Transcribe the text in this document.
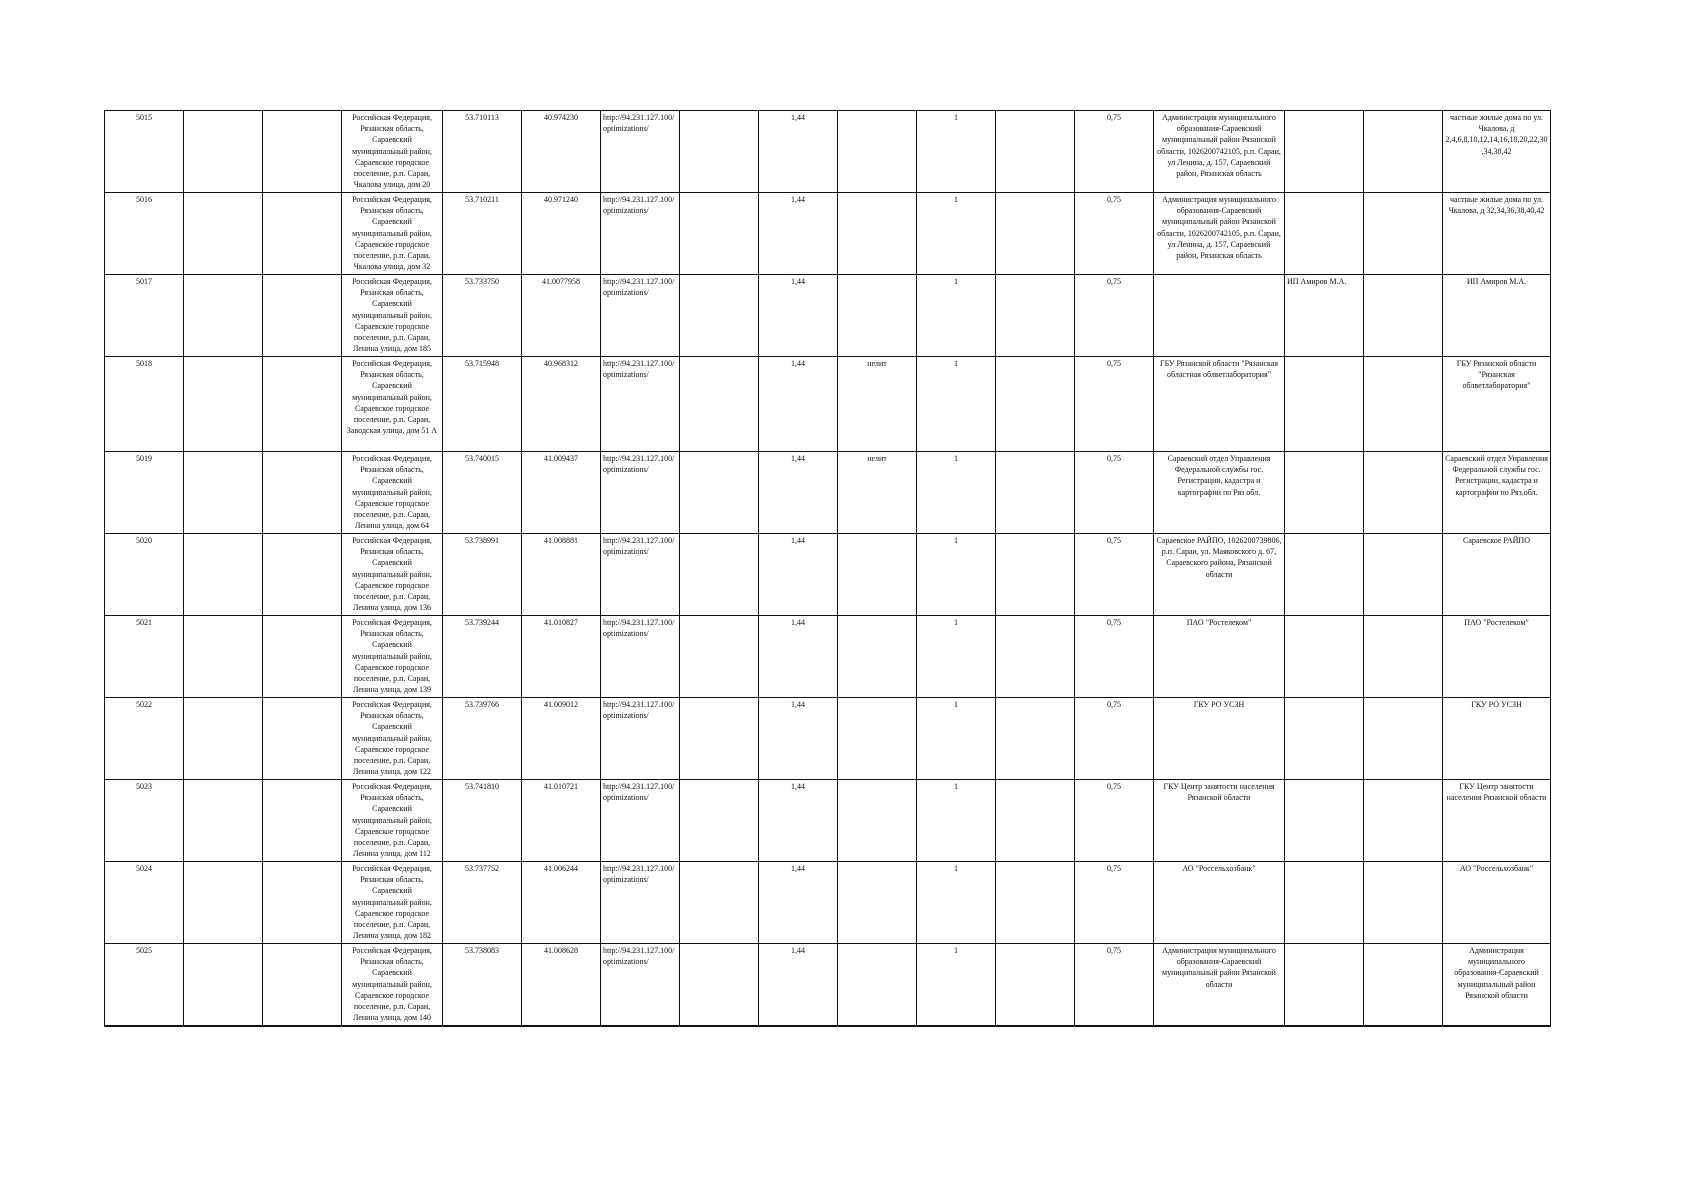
5015			Российская Федерация, Рязанская область, Сараевский муниципальный район, Сараевское городское поселение, р.п. Сараи, Чкалова улица, дом 20	53.710113	40.974230	http://94.231.127.100/optimizations/		1,44		1		0,75	Администрация муниципального образования-Сараевский муниципальный район Рязанской области, 1026200742105, р.п. Сараи, ул Ленина, д. 157, Сараевский район, Рязанская область			частные жилые дома по ул. Чкалова, д 2,4,6,8,10,12,14,16,18,20,22,30,34,38,42
5016			Российская Федерация, Рязанская область, Сараевский муниципальный район, Сараевское городское поселение, р.п. Сараи, Чкалова улица, дом 32	53.710211	40.971240	http://94.231.127.100/optimizations/		1,44		1		0,75	Администрация муниципального образования-Сараевский муниципальный район Рязанской области, 1026200742105, р.п. Сараи, ул Ленина, д. 157, Сараевский район, Рязанская область			частные жилые дома по ул. Чкалова, д 32,34,36,38,40,42
5017			Российская Федерация, Рязанская область, Сараевский муниципальный район, Сараевское городское поселение, р.п. Сараи, Ленина улица, дом 185	53.733750	41.0077958	http://94.231.127.100/optimizations/		1,44		1		0,75		ИП Амиров М.А.		ИП Амиров М.А.
5018			Российская Федерация, Рязанская область, Сараевский муниципальный район, Сараевское городское поселение, р.п. Сараи, Заводская улица, дом 51 А	53.715948	40.968312	http://94.231.127.100/optimizations/		1,44	нелит	1		0,75	ГБУ Рязанской области "Рязанская областная облветлаборатория"			ГБУ Рязанской области "Рязанская облветлаборатория"
5019			Российская Федерация, Рязанская область, Сараевский муниципальный район, Сараевское городское поселение, р.п. Сараи, Ленина улица, дом 64	53.740015	41.009437	http://94.231.127.100/optimizations/		1,44	нелит	1		0,75	Сараевский отдел Управления Федеральной службы гос. Регистрации, кадастра и картографии по Ряз обл.			Сараевский отдел Управления Федеральной службы гос. Регистрации, кадастра и картографии по Ряз.обл.
5020			Российская Федерация, Рязанская область, Сараевский муниципальный район, Сараевское городское поселение, р.п. Сараи, Ленина улица, дом 136	53.738991	41.008881	http://94.231.127.100/optimizations/		1,44		1		0,75	Сараевское РАЙПО, 1026200739806, р.п. Сараи, ул. Маяковского д. 67, Сараевского района, Рязанской области			Сараевское РАЙПО
5021			Российская Федерация, Рязанская область, Сараевский муниципальный район, Сараевское городское поселение, р.п. Сараи, Ленина улица, дом 139	53.739244	41.010827	http://94.231.127.100/optimizations/		1,44		1		0,75	ПАО "Ростелеком"			ПАО "Ростелеком"
5022			Российская Федерация, Рязанская область, Сараевский муниципальный район, Сараевское городское поселение, р.п. Сараи, Ленина улица, дом 122	53.739766	41.009012	http://94.231.127.100/optimizations/		1,44		1		0,75	ГКУ РО УСЗН			ГКУ РО УСЗН
5023			Российская Федерация, Рязанская область, Сараевский муниципальный район, Сараевское городское поселение, р.п. Сараи, Ленина улица, дом 112	53.741810	41.010721	http://94.231.127.100/optimizations/		1,44		1		0,75	ГКУ Центр занятости населения Рязанской области			ГКУ Центр занятости населения Рязанской области
5024			Российская Федерация, Рязанская область, Сараевский муниципальный район, Сараевское городское поселение, р.п. Сараи, Ленина улица, дом 182	53.737752	41.006244	http://94.231.127.100/optimizations/		1,44		1		0,75	АО "Россельхозбанк"			АО "Россельхозбанк"
5025			Российская Федерация, Рязанская область, Сараевский муниципальный район, Сараевское городское поселение, р.п. Сараи, Ленина улица, дом 140	53.738083	41.008628	http://94.231.127.100/optimizations/		1,44		1		0,75	Администрация муниципального образования-Сараевский муниципальный район Рязанской области			Администрация муниципального образования-Сараевский муниципальный район Рязанской области
